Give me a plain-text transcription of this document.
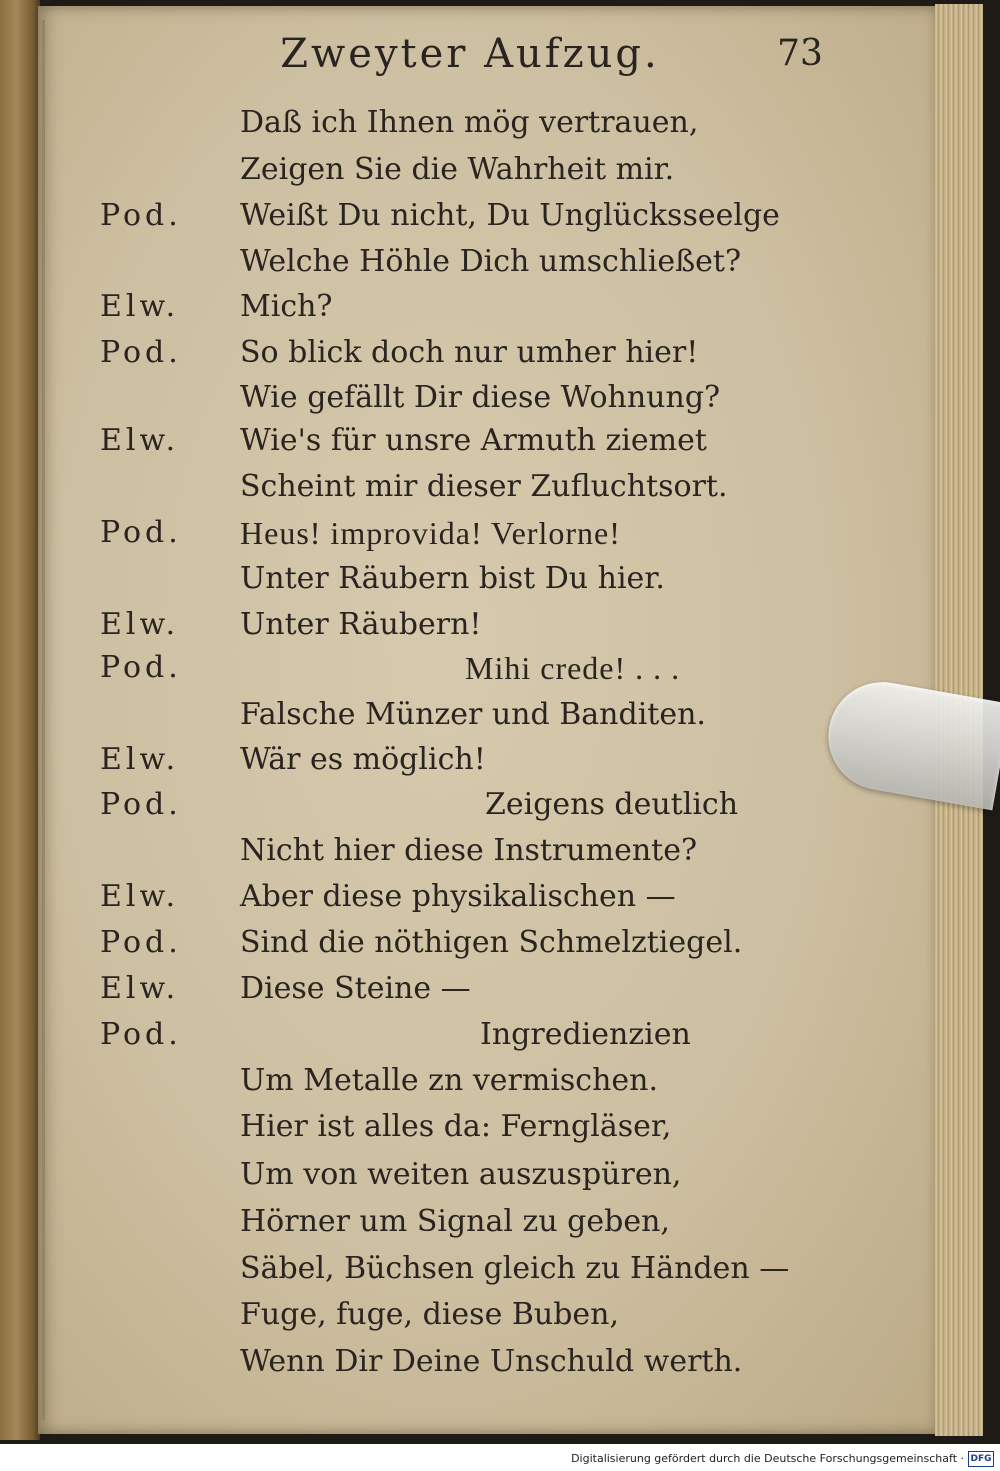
Zweyter Aufzug.	73
Daß ich Ihnen mög vertrauen,
Zeigen Sie die Wahrheit mir.
Pod.	Weißt Du nicht, Du Unglücksseelge
Welche Höhle Dich umschließet?
Elw.	Mich?
Pod.	So blick doch nur umher hier!
Wie gefällt Dir diese Wohnung?
Elw.	Wie's für unsre Armuth ziemet
Scheint mir dieser Zufluchtsort.
Pod.	Heus! improvida! Verlorne!
Unter Räubern bist Du hier.
Elw.	Unter Räubern!
Pod.	Mihi crede! . . .
Falsche Münzer und Banditen.
Elw.	Wär es möglich!
Pod.	Zeigens deutlich
Nicht hier diese Instrumente?
Elw.	Aber diese physikalischen —
Pod.	Sind die nöthigen Schmelztiegel.
Elw.	Diese Steine —
Pod.	Ingredienzien
Um Metalle zn vermischen.
Hier ist alles da: Ferngläser,
Um von weiten auszuspüren,
Hörner um Signal zu geben,
Säbel, Büchsen gleich zu Händen —
Fuge, fuge, diese Buben,
Wenn Dir Deine Unschuld werth.
Digitalisierung gefördert durch die Deutsche Forschungsgemeinschaft · DFG
